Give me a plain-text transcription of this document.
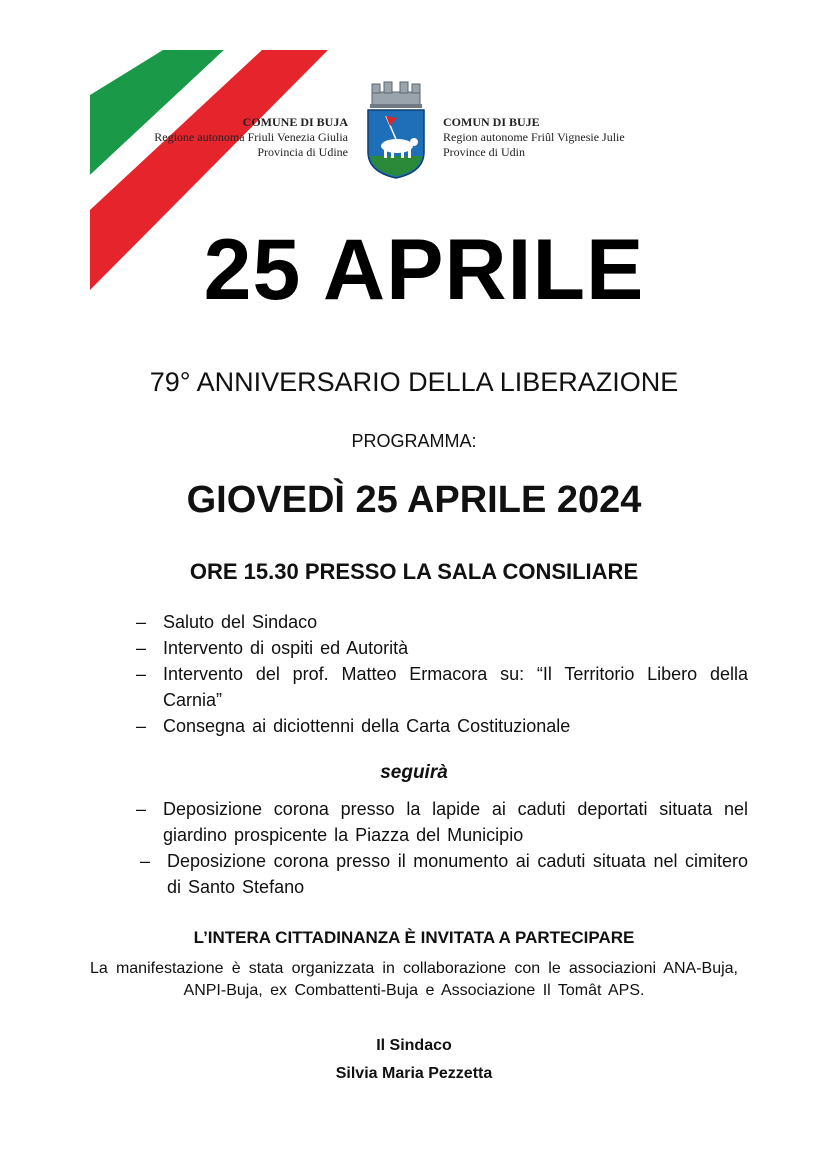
COMUNE DI BUJA
Regione autonoma Friuli Venezia Giulia
Provincia di Udine
COMUN DI BUJE
Region autonome Friûl Vignesie Julie
Province di Udin
25 APRILE
79° ANNIVERSARIO DELLA LIBERAZIONE
PROGRAMMA:
GIOVEDÌ 25 APRILE 2024
ORE 15.30 PRESSO LA SALA CONSILIARE
– Saluto del Sindaco
– Intervento di ospiti ed Autorità
– Intervento del prof. Matteo Ermacora su: “Il Territorio Libero della Carnia”
– Consegna ai diciottenni della Carta Costituzionale
seguirà
– Deposizione corona presso la lapide ai caduti deportati situata nel giardino prospicente la Piazza del Municipio
– Deposizione corona presso il monumento ai caduti situata nel cimitero di Santo Stefano
L’INTERA CITTADINANZA È INVITATA A PARTECIPARE
La manifestazione è stata organizzata in collaborazione con le associazioni ANA-Buja, ANPI-Buja, ex Combattenti-Buja e Associazione Il Tomât APS.
Il Sindaco
Silvia Maria Pezzetta
